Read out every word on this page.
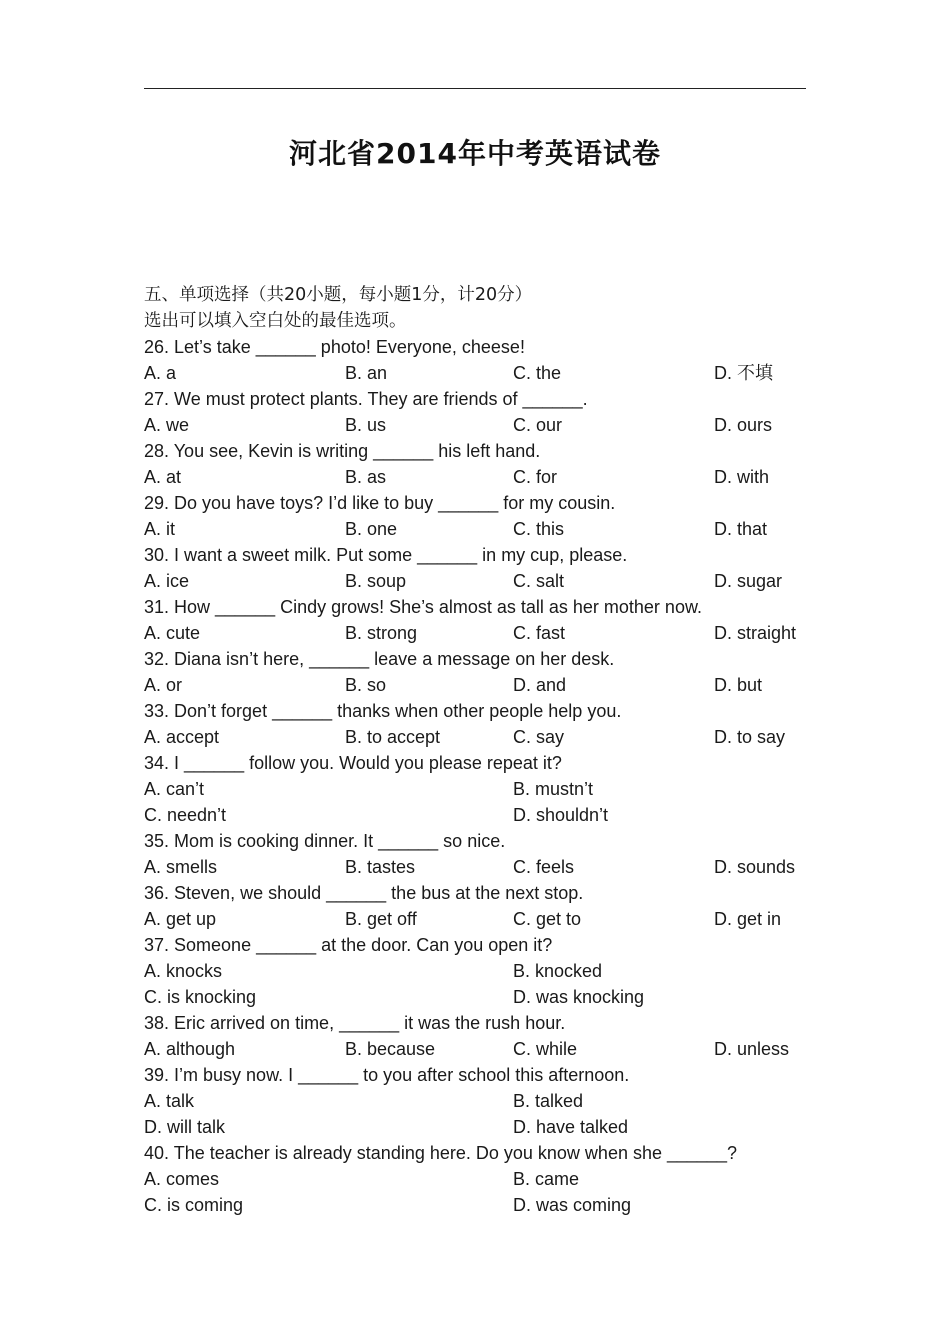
河北省2014年中考英语试卷
五、单项选择（共20小题，每小题1分，计20分）
选出可以填入空白处的最佳选项。
26. Let’s take ______ photo! Everyone, cheese!
A. a	B. an	C. the	D. 不填
27. We must protect plants. They are friends of ______.
A. we	B. us	C. our	D. ours
28. You see, Kevin is writing ______ his left hand.
A. at	B. as	C. for	D. with
29. Do you have toys? I’d like to buy ______ for my cousin.
A. it	B. one	C. this	D. that
30. I want a sweet milk. Put some ______ in my cup, please.
A. ice	B. soup	C. salt	D. sugar
31. How ______ Cindy grows! She’s almost as tall as her mother now.
A. cute	B. strong	C. fast	D. straight
32. Diana isn’t here, ______ leave a message on her desk.
A. or	B. so	D. and	D. but
33. Don’t forget ______ thanks when other people help you.
A. accept	B. to accept	C. say	D. to say
34. I ______ follow you. Would you please repeat it?
A. can’t	B. mustn’t
C. needn’t	D. shouldn’t
35. Mom is cooking dinner. It ______ so nice.
A. smells	B. tastes	C. feels	D. sounds
36. Steven, we should ______ the bus at the next stop.
A. get up	B. get off	C. get to	D. get in
37. Someone ______ at the door. Can you open it?
A. knocks	B. knocked
C. is knocking	D. was knocking
38. Eric arrived on time, ______ it was the rush hour.
A. although	B. because	C. while	D. unless
39. I’m busy now. I ______ to you after school this afternoon.
A. talk	B. talked
D. will talk	D. have talked
40. The teacher is already standing here. Do you know when she ______?
A. comes	B. came
C. is coming	D. was coming
